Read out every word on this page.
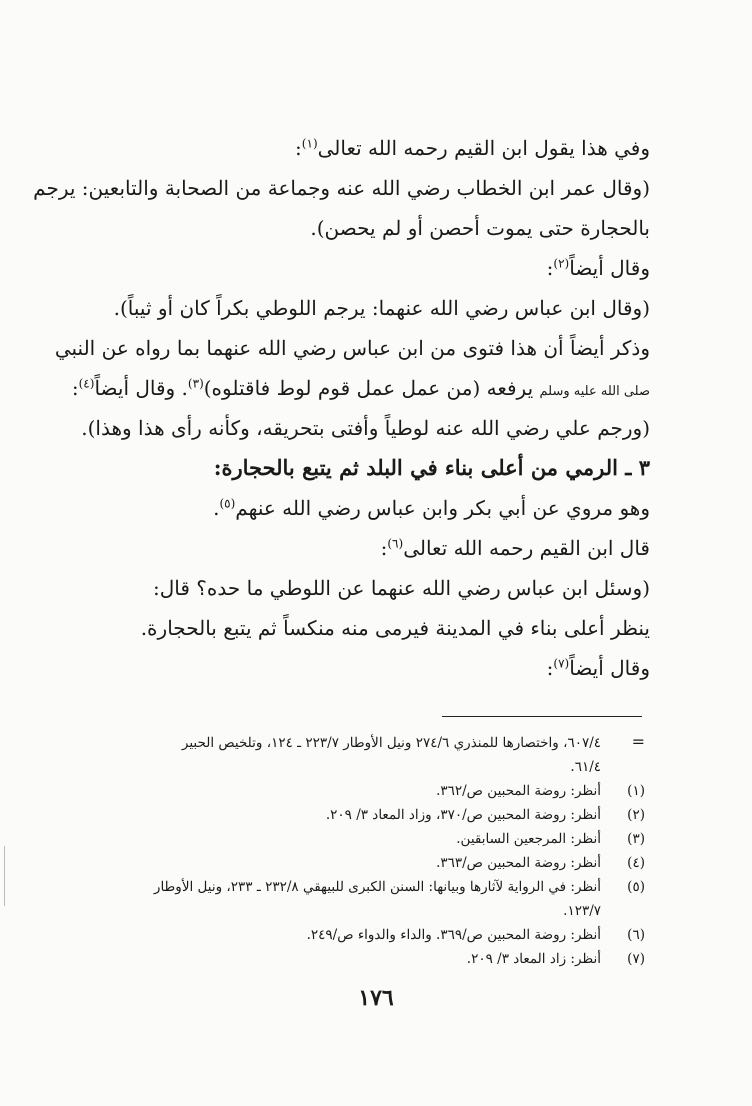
وفي هذا يقول ابن القيم رحمه الله تعالى$^{(١)}$:
(وقال عمر ابن الخطاب رضي الله عنه وجماعة من الصحابة والتابعين: يرجم
بالحجارة حتى يموت أحصن أو لم يحصن).
وقال أيضاً$^{(٢)}$:
(وقال ابن عباس رضي الله عنهما: يرجم اللوطي بكراً كان أو ثيباً).
وذكر أيضاً أن هذا فتوى من ابن عباس رضي الله عنهما بما رواه عن النبي
صلى الله عليه وسلم يرفعه (من عمل عمل قوم لوط فاقتلوه)$^{(٣)}$. وقال أيضاً$^{(٤)}$:
(ورجم علي رضي الله عنه لوطياً وأفتى بتحريقه، وكأنه رأى هذا وهذا).
٣ ـ الرمي من أعلى بناء في البلد ثم يتبع بالحجارة:
وهو مروي عن أبي بكر وابن عباس رضي الله عنهم$^{(٥)}$.
قال ابن القيم رحمه الله تعالى$^{(٦)}$:
(وسئل ابن عباس رضي الله عنهما عن اللوطي ما حده؟ قال:
ينظر أعلى بناء في المدينة فيرمى منه منكساً ثم يتبع بالحجارة.
وقال أيضاً$^{(٧)}$:
=٦٠٧/٤، واختصارها للمنذري ٢٧٤/٦ ونيل الأوطار ٢٢٣/٧ ـ ١٢٤، وتلخيص الحبير
٦١/٤.
(١)أنظر: روضة المحبين ص/٣٦٢.
(٢)أنظر: روضة المحبين ص/٣٧٠، وزاد المعاد ٣/ ٢٠٩.
(٣)أنظر: المرجعين السابقين.
(٤)أنظر: روضة المحبين ص/٣٦٣.
(٥)أنظر: في الرواية لآثارها وبيانها: السنن الكبرى للبيهقي ٢٣٢/٨ ـ ٢٣٣، ونيل الأوطار
١٢٣/٧.
(٦)أنظر: روضة المحبين ص/٣٦٩. والداء والدواء ص/٢٤٩.
(٧)أنظر: زاد المعاد ٣/ ٢٠٩.
١٧٦
